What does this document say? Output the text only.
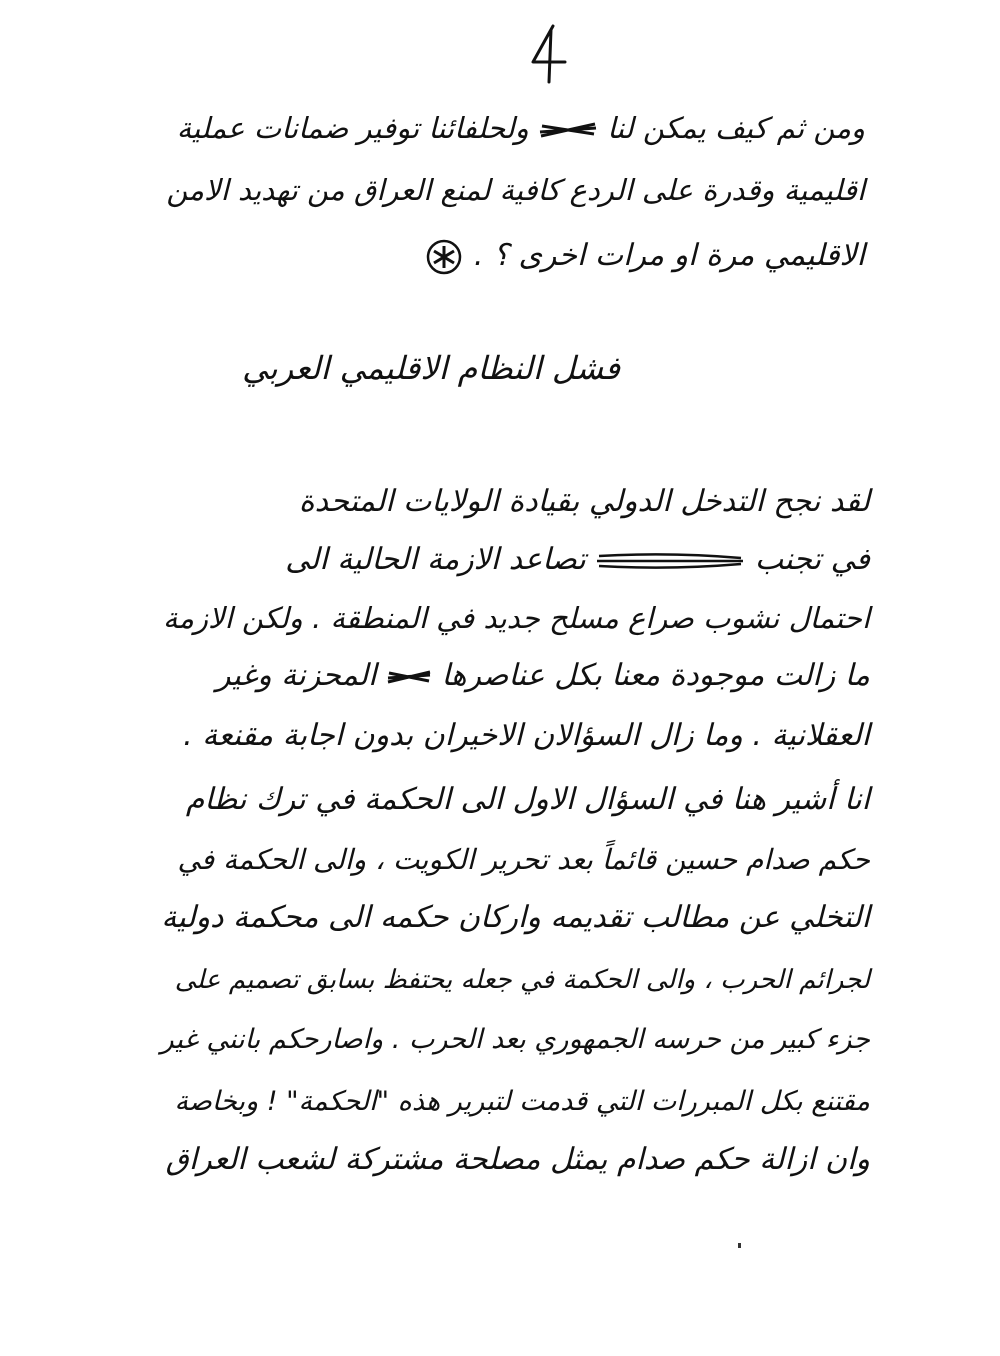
ومن ثم كيف يمكن لنا  ولحلفائنا توفير ضمانات عملية
اقليمية وقدرة على الردع كافية لمنع العراق من تهديد الامن
الاقليمي مرة او مرات اخرى ؟ .
فشل النظام الاقليمي العربي
لقد نجح التدخل الدولي بقيادة الولايات المتحدة
في تجنب  تصاعد الازمة الحالية الى
احتمال نشوب صراع مسلح جديد في المنطقة . ولكن الازمة
ما زالت موجودة معنا بكل عناصرها  المحزنة وغير
العقلانية . وما زال السؤالان الاخيران بدون اجابة مقنعة .
انا أشير هنا في السؤال الاول الى الحكمة في ترك نظام
حكم صدام حسين قائماً بعد تحرير الكويت ، والى الحكمة في
التخلي عن مطالب تقديمه واركان حكمه الى محكمة دولية
لجرائم الحرب ، والى الحكمة في جعله يحتفظ بسابق تصميم على
جزء كبير من حرسه الجمهوري بعد الحرب . واصارحكم بانني غير
مقتنع بكل المبررات التي قدمت لتبرير هذه "الحكمة" ! وبخاصة
وان ازالة حكم صدام يمثل مصلحة مشتركة لشعب العراق
